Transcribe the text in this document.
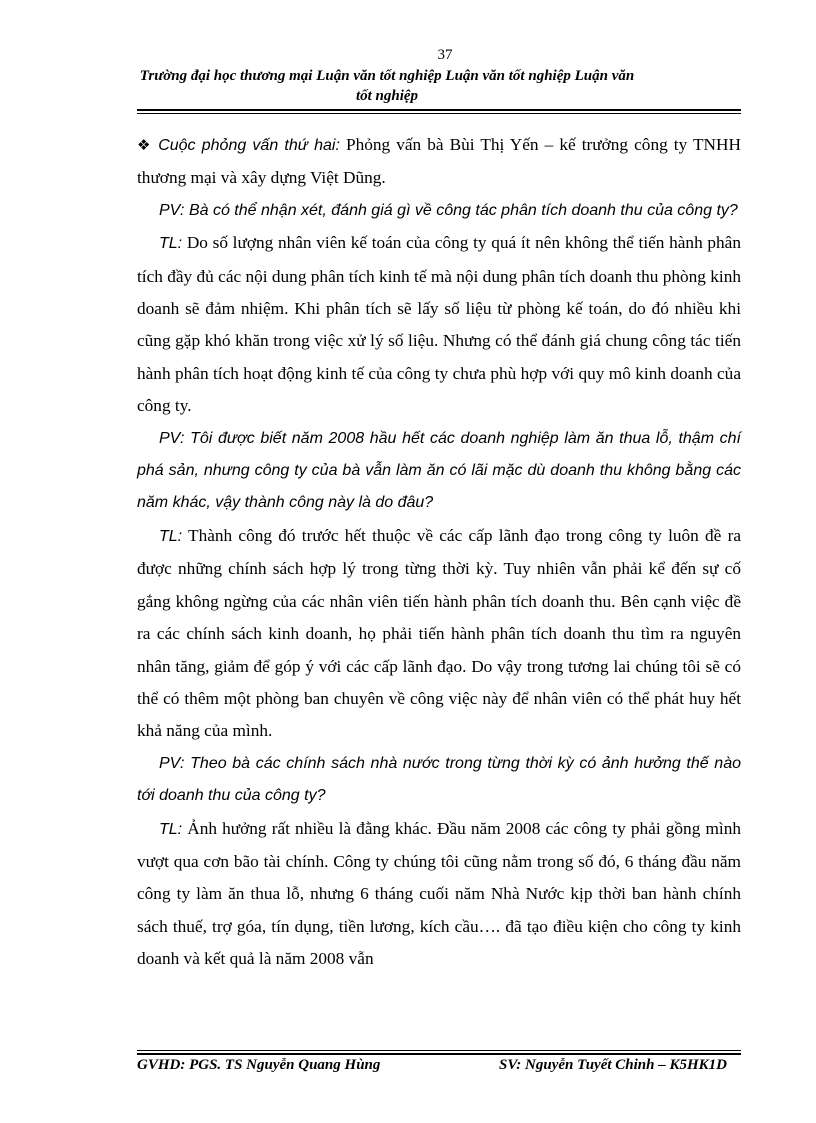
37
Trường đại học thương mại Luận văn tốt nghiệp Luận văn tốt nghiệp Luận văn tốt nghiệp

❖ Cuộc phỏng vấn thứ hai: Phỏng vấn bà Bùi Thị Yến – kế trưởng công ty TNHH thương mại và xây dựng Việt Dũng.

PV: Bà có thể nhận xét, đánh giá gì về công tác phân tích doanh thu của công ty?

TL: Do số lượng nhân viên kế toán của công ty quá ít nên không thể tiến hành phân tích đầy đủ các nội dung phân tích kinh tế mà nội dung phân tích doanh thu phòng kinh doanh sẽ đảm nhiệm. Khi phân tích sẽ lấy số liệu từ phòng kế toán, do đó nhiều khi cũng gặp khó khăn trong việc xử lý số liệu. Nhưng có thể đánh giá chung công tác tiến hành phân tích hoạt động kinh tế của công ty chưa phù hợp với quy mô kinh doanh của công ty.

PV: Tôi được biết năm 2008 hầu hết các doanh nghiệp làm ăn thua lỗ, thậm chí phá sản, nhưng công ty của bà vẫn làm ăn có lãi mặc dù doanh thu không bằng các năm khác, vậy thành công này là do đâu?

TL: Thành công đó trước hết thuộc về các cấp lãnh đạo trong công ty luôn đề ra được những chính sách hợp lý trong từng thời kỳ. Tuy nhiên vẫn phải kể đến sự cố gắng không ngừng của các nhân viên tiến hành phân tích doanh thu. Bên cạnh việc đề ra các chính sách kinh doanh, họ phải tiến hành phân tích doanh thu tìm ra nguyên nhân tăng, giảm để góp ý với các cấp lãnh đạo. Do vậy trong tương lai chúng tôi sẽ có thể có thêm một phòng ban chuyên về công việc này để nhân viên có thể phát huy hết khả năng của mình.

PV: Theo bà các chính sách nhà nước trong từng thời kỳ có ảnh hưởng thế nào tới doanh thu của công ty?

TL: Ảnh hưởng rất nhiều là đằng khác. Đầu năm 2008 các công ty phải gồng mình vượt qua cơn bão tài chính. Công ty chúng tôi cũng nằm trong số đó, 6 tháng đầu năm công ty làm ăn thua lỗ, nhưng 6 tháng cuối năm Nhà Nước kịp thời ban hành chính sách thuế, trợ góa, tín dụng, tiền lương, kích cầu…. đã tạo điều kiện cho công ty kinh doanh và kết quả là năm 2008 vẫn

GVHD: PGS. TS Nguyễn Quang Hùng	SV: Nguyễn Tuyết Chinh – K5HK1D
